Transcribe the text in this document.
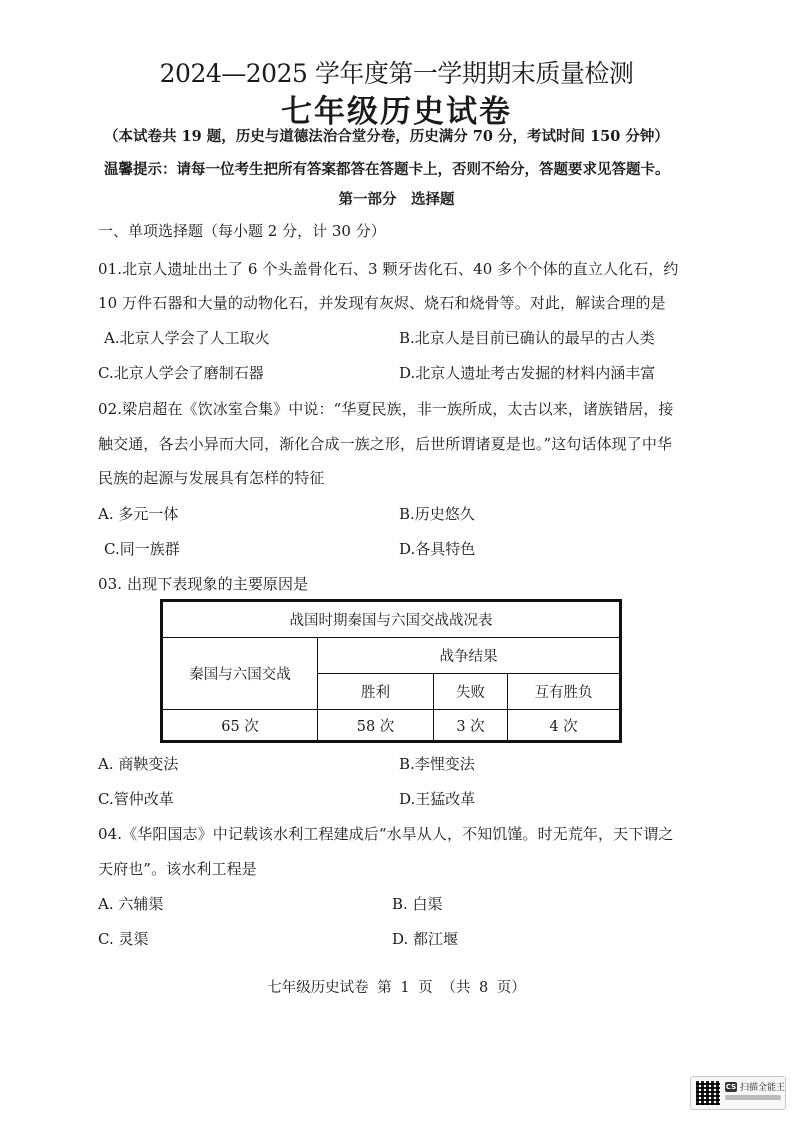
2024—2025 学年度第一学期期末质量检测
七年级历史试卷
（本试卷共 19 题，历史与道德法治合堂分卷，历史满分 70 分，考试时间 150 分钟）
温馨提示：请每一位考生把所有答案都答在答题卡上，否则不给分，答题要求见答题卡。
第一部分　选择题
一、单项选择题（每小题 2 分，计 30 分）
01.北京人遗址出土了 6 个头盖骨化石、3 颗牙齿化石、40 多个个体的直立人化石，约
10 万件石器和大量的动物化石，并发现有灰烬、烧石和烧骨等。对此，解读合理的是
A.北京人学会了人工取火	B.北京人是目前已确认的最早的古人类
C.北京人学会了磨制石器	D.北京人遗址考古发掘的材料内涵丰富
02.梁启超在《饮冰室合集》中说：“华夏民族，非一族所成，太古以来，诸族错居，接
触交通，各去小异而大同，渐化合成一族之形，后世所谓诸夏是也。”这句话体现了中华
民族的起源与发展具有怎样的特征
A. 多元一体	B.历史悠久
C.同一族群	D.各具特色
03. 出现下表现象的主要原因是
战国时期秦国与六国交战战况表			
秦国与六国交战	战争结果		
	胜利	失败	互有胜负
65 次	58 次	3 次	4 次
A. 商鞅变法	B.李悝变法
C.管仲改革	D.王猛改革
04.《华阳国志》中记载该水利工程建成后“水旱从人，不知饥馑。时无荒年，天下谓之
天府也”。该水利工程是
A. 六辅渠	B. 白渠
C. 灵渠	D. 都江堰
七年级历史试卷 第 1 页 （共 8 页）
CS 扫描全能王
